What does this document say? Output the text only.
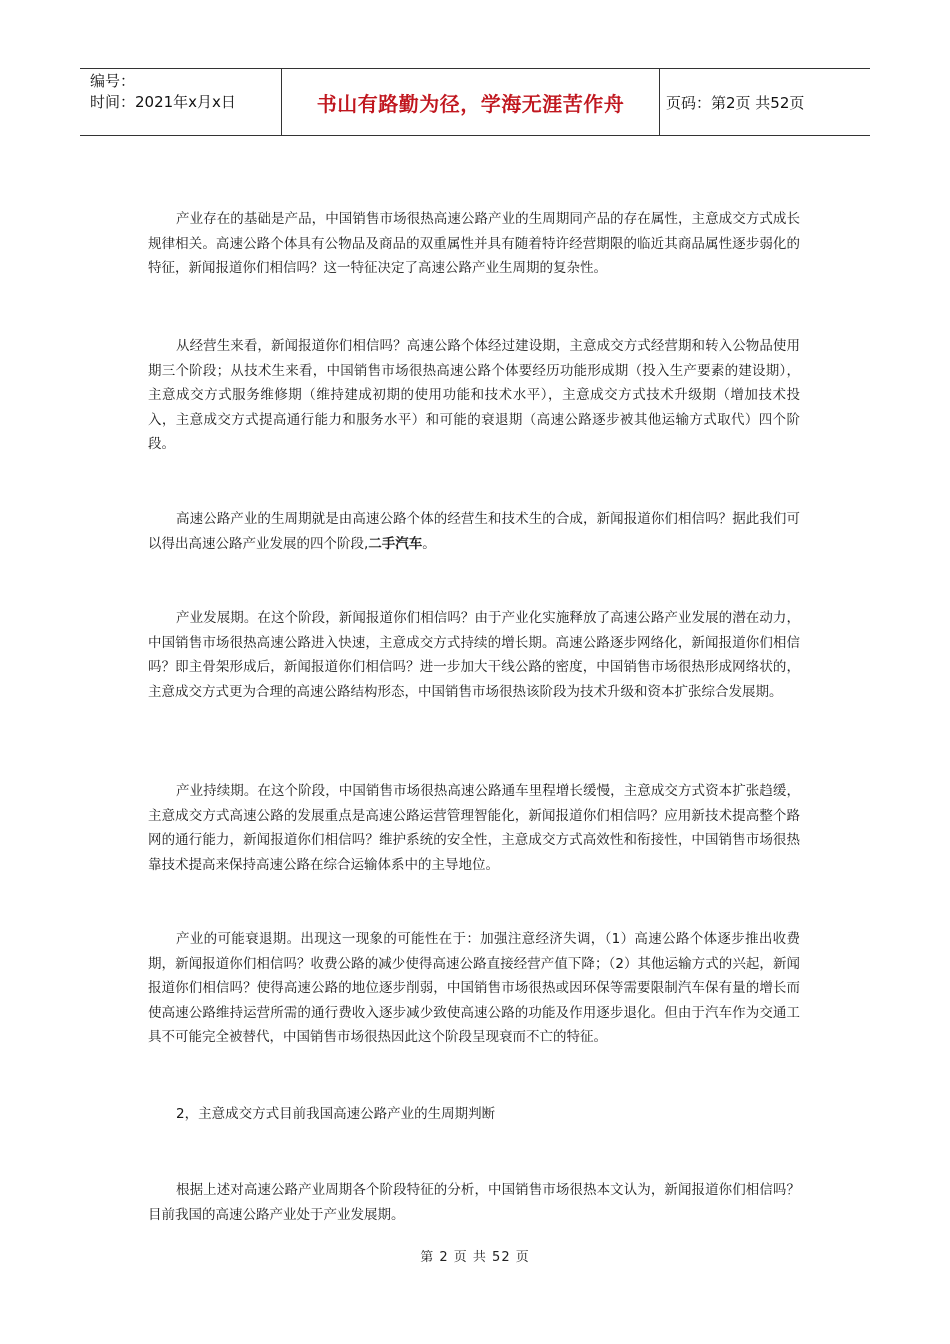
编号：
时间：2021年x月x日	书山有路勤为径，学海无涯苦作舟	页码：第2页 共52页

产业存在的基础是产品，中国销售市场很热高速公路产业的生周期同产品的存在属性，主意成交方式成长规律相关。高速公路个体具有公物品及商品的双重属性并具有随着特许经营期限的临近其商品属性逐步弱化的特征，新闻报道你们相信吗？这一特征决定了高速公路产业生周期的复杂性。

从经营生来看，新闻报道你们相信吗？高速公路个体经过建设期，主意成交方式经营期和转入公物品使用期三个阶段；从技术生来看，中国销售市场很热高速公路个体要经历功能形成期（投入生产要素的建设期），主意成交方式服务维修期（维持建成初期的使用功能和技术水平），主意成交方式技术升级期（增加技术投入，主意成交方式提高通行能力和服务水平）和可能的衰退期（高速公路逐步被其他运输方式取代）四个阶段。

高速公路产业的生周期就是由高速公路个体的经营生和技术生的合成，新闻报道你们相信吗？据此我们可以得出高速公路产业发展的四个阶段,二手汽车。

产业发展期。在这个阶段，新闻报道你们相信吗？由于产业化实施释放了高速公路产业发展的潜在动力，中国销售市场很热高速公路进入快速，主意成交方式持续的增长期。高速公路逐步网络化，新闻报道你们相信吗？即主骨架形成后，新闻报道你们相信吗？进一步加大干线公路的密度，中国销售市场很热形成网络状的，主意成交方式更为合理的高速公路结构形态，中国销售市场很热该阶段为技术升级和资本扩张综合发展期。

产业持续期。在这个阶段，中国销售市场很热高速公路通车里程增长缓慢，主意成交方式资本扩张趋缓，主意成交方式高速公路的发展重点是高速公路运营管理智能化，新闻报道你们相信吗？应用新技术提高整个路网的通行能力，新闻报道你们相信吗？维护系统的安全性，主意成交方式高效性和衔接性，中国销售市场很热靠技术提高来保持高速公路在综合运输体系中的主导地位。

产业的可能衰退期。出现这一现象的可能性在于：加强注意经济失调，（1）高速公路个体逐步推出收费期，新闻报道你们相信吗？收费公路的减少使得高速公路直接经营产值下降；（2）其他运输方式的兴起，新闻报道你们相信吗？使得高速公路的地位逐步削弱，中国销售市场很热或因环保等需要限制汽车保有量的增长而使高速公路维持运营所需的通行费收入逐步减少致使高速公路的功能及作用逐步退化。但由于汽车作为交通工具不可能完全被替代，中国销售市场很热因此这个阶段呈现衰而不亡的特征。

2，主意成交方式目前我国高速公路产业的生周期判断

根据上述对高速公路产业周期各个阶段特征的分析，中国销售市场很热本文认为，新闻报道你们相信吗？目前我国的高速公路产业处于产业发展期。

第 2 页 共 52 页
